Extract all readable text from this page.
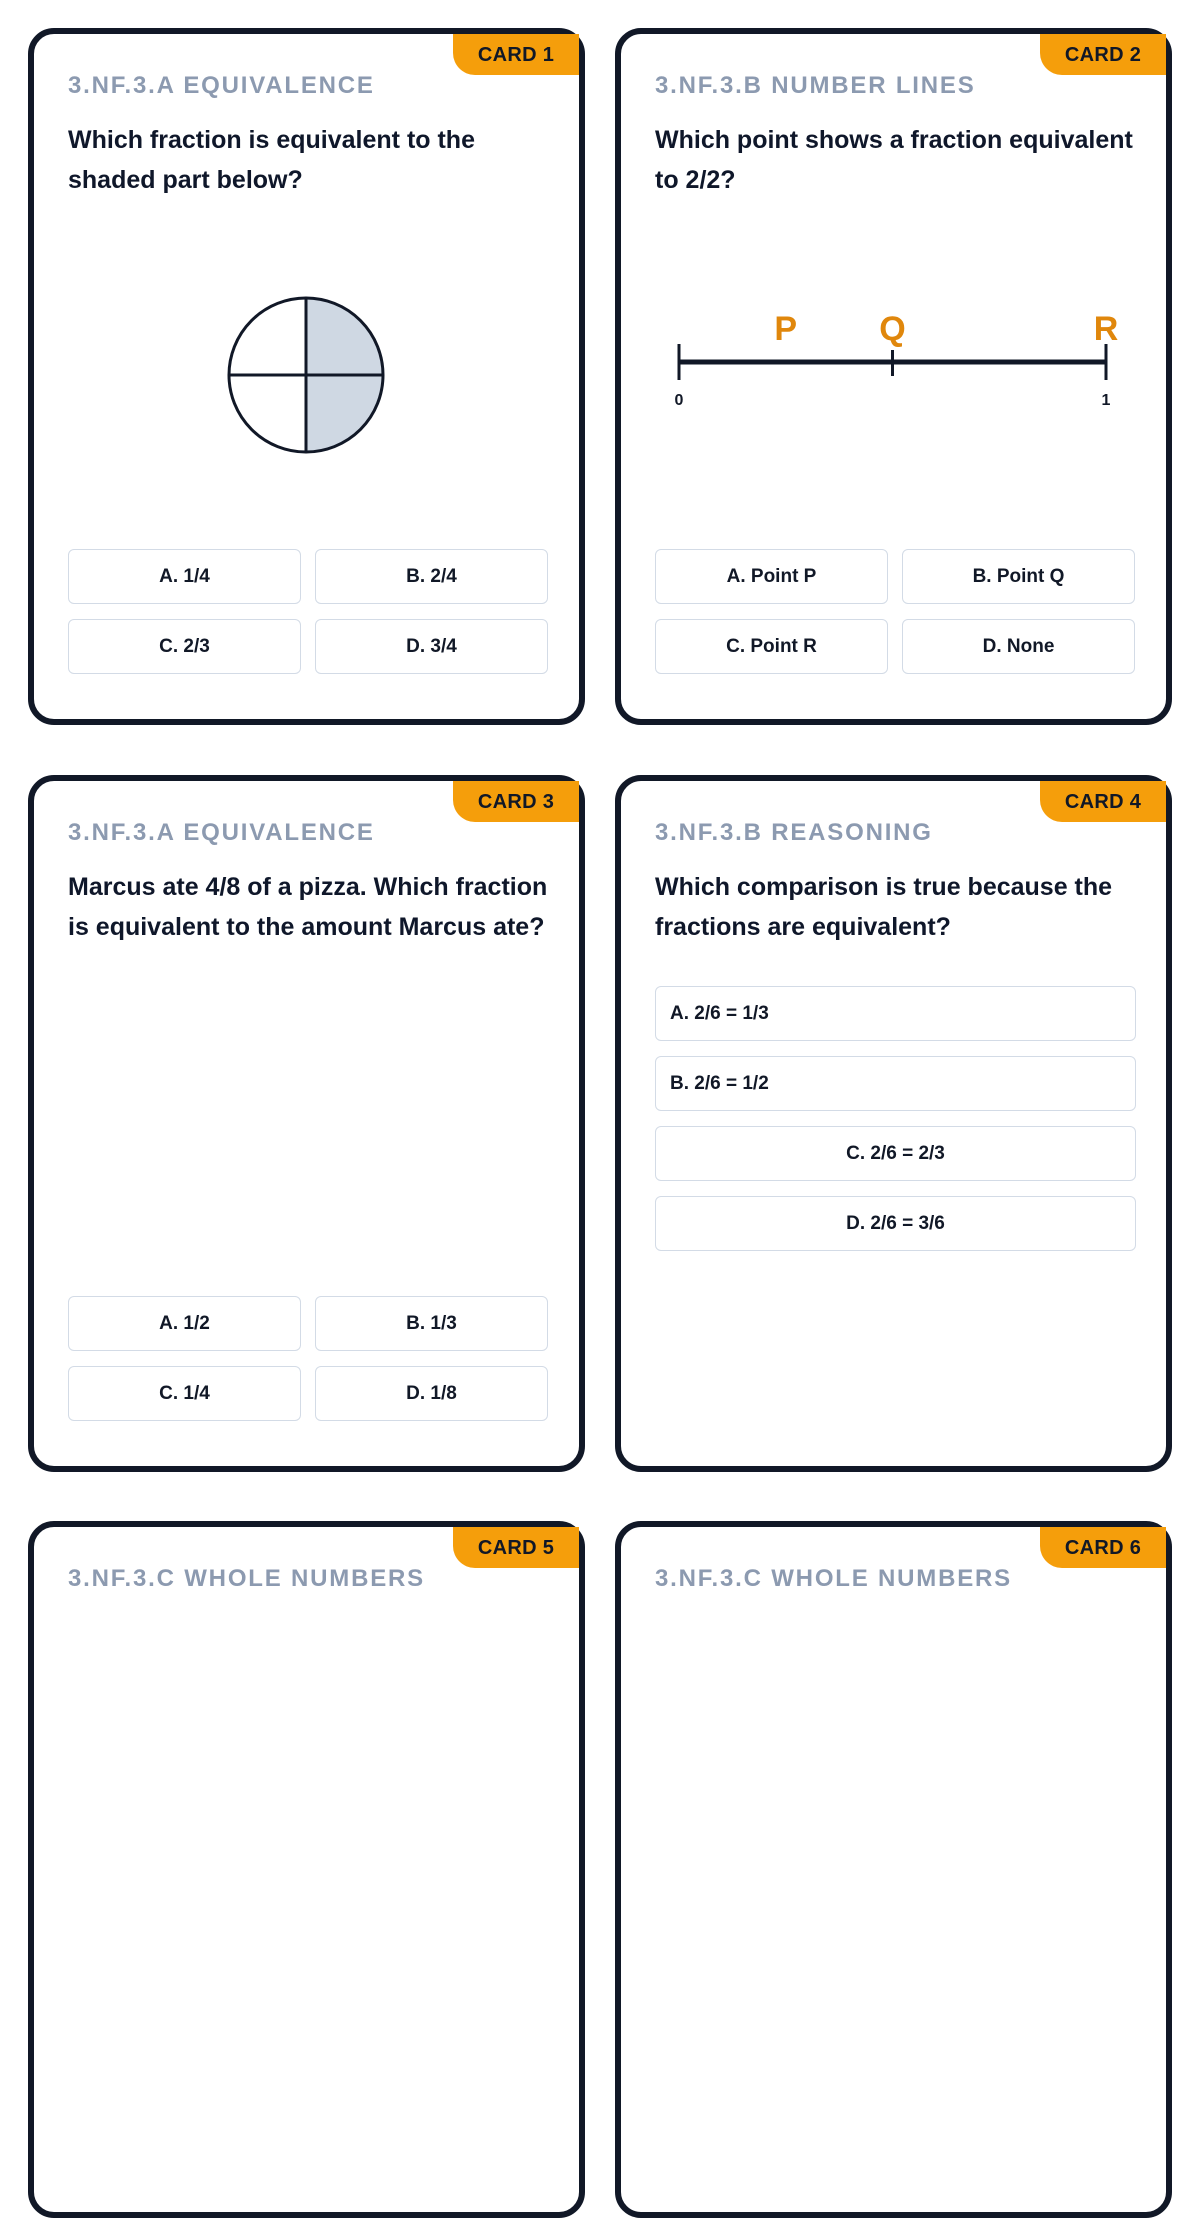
CARD 1
3.NF.3.A EQUIVALENCE
Which fraction is equivalent to the shaded part below?
A. 1/4	B. 2/4
C. 2/3	D. 3/4
CARD 2
3.NF.3.B NUMBER LINES
Which point shows a fraction equivalent to 2/2?
0	1
P Q	R
A. Point P	B. Point Q
C. Point R	D. None
CARD 3
3.NF.3.A EQUIVALENCE
Marcus ate 4/8 of a pizza. Which fraction is equivalent to the amount Marcus ate?
A. 1/2	B. 1/3
C. 1/4	D. 1/8
CARD 4
3.NF.3.B REASONING
Which comparison is true because the fractions are equivalent?
A. 2/6 = 1/3
B. 2/6 = 1/2
C. 2/6 = 2/3
D. 2/6 = 3/6
CARD 5
3.NF.3.C WHOLE NUMBERS
CARD 6
3.NF.3.C WHOLE NUMBERS
